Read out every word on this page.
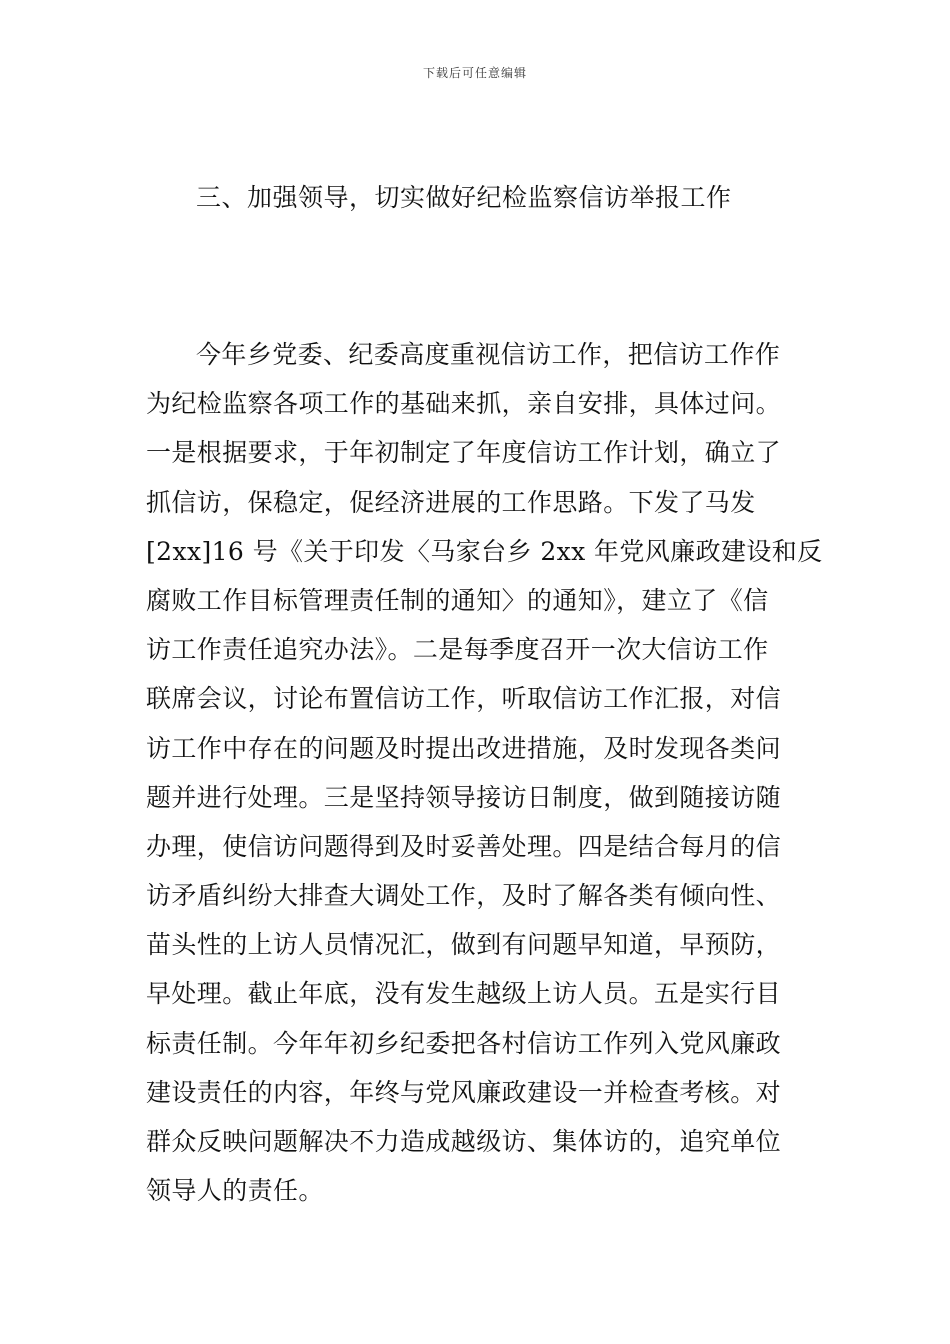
下载后可任意编辑
三、加强领导，切实做好纪检监察信访举报工作
今年乡党委、纪委高度重视信访工作，把信访工作作
为纪检监察各项工作的基础来抓，亲自安排，具体过问。
一是根据要求，于年初制定了年度信访工作计划，确立了
抓信访，保稳定，促经济进展的工作思路。下发了马发
[2xx]16 号《关于印发〈马家台乡 2xx 年党风廉政建设和反
腐败工作目标管理责任制的通知〉的通知》，建立了《信
访工作责任追究办法》。二是每季度召开一次大信访工作
联席会议，讨论布置信访工作，听取信访工作汇报，对信
访工作中存在的问题及时提出改进措施，及时发现各类问
题并进行处理。三是坚持领导接访日制度，做到随接访随
办理，使信访问题得到及时妥善处理。四是结合每月的信
访矛盾纠纷大排查大调处工作，及时了解各类有倾向性、
苗头性的上访人员情况汇，做到有问题早知道，早预防，
早处理。截止年底，没有发生越级上访人员。五是实行目
标责任制。今年年初乡纪委把各村信访工作列入党风廉政
建设责任的内容，年终与党风廉政建设一并检查考核。对
群众反映问题解决不力造成越级访、集体访的，追究单位
领导人的责任。
